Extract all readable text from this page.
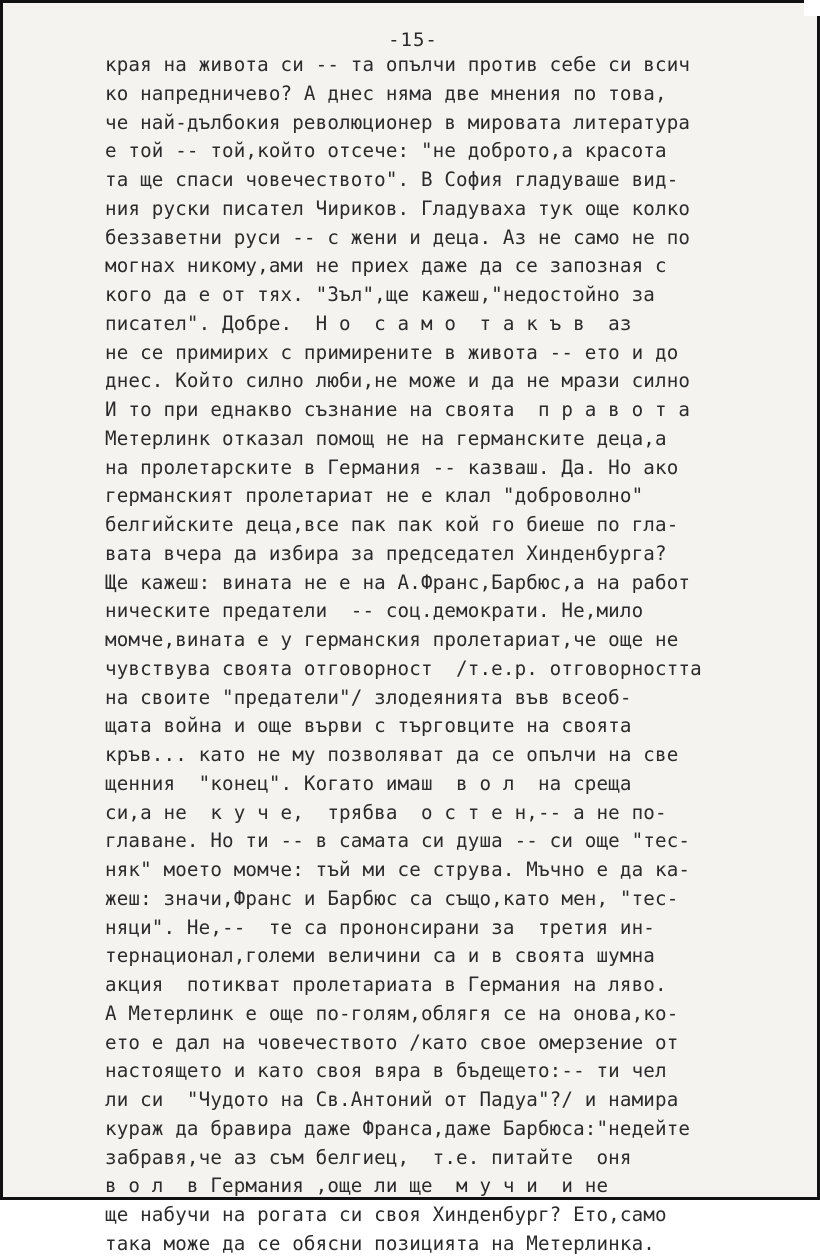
-15-
края на живота си -- та опълчи против себе си всич
ко напредничево? А днес няма две мнения по това,
че най-дълбокия революционер в мировата литература
е той -- той,който отсече: "не доброто,а красота
та ще спаси човечеството". В София гладуваше вид-
ния руски писател Чириков. Гладуваха тук още колко
беззаветни руси -- с жени и деца. Аз не само не по
могнах никому,ами не приех даже да се запозная с
кого да е от тях. "Зъл",ще кажеш,"недостойно за
писател". Добре.  Н о  с а м о  т а к ъ в  аз
не се примирих с примирените в живота -- ето и до
днес. Който силно люби,не може и да не мрази силно
И то при еднакво съзнание на своята  п р а в о т а
Метерлинк отказал помощ не на германските деца,а
на пролетарските в Германия -- казваш. Да. Но ако
германският пролетариат не е клал "доброволно"
белгийските деца,все пак пак кой го биеше по гла-
вата вчера да избира за председател Хинденбурга?
Ще кажеш: вината не е на А.Франс,Барбюс,а на работ
ническите предатели  -- соц.демократи. Не,мило
момче,вината е у германския пролетариат,че още не
чувствува своята отговорност  /т.е.р. отговорността
на своите "предатели"/ злодеянията във всеоб-
щата война и още върви с търговците на своята
кръв... като не му позволяват да се опълчи на све
щенния  "конец". Когато имаш  в о л  на среща
си,а не  к у ч е,  трябва  о с т е н,-- а не по-
главане. Но ти -- в самата си душа -- си още "тес-
няк" моето момче: тъй ми се струва. Мъчно е да ка-
жеш: значи,Франс и Барбюс са също,като мен, "тес-
няци". Не,--  те са прононсирани за  третия ин-
тернационал,големи величини са и в своята шумна
акция  потикват пролетариата в Германия на ляво.
А Метерлинк е още по-голям,облягя се на онова,ко-
ето е дал на човечеството /като свое омерзение от
настоящето и като своя вяра в бъдещето:-- ти чел
ли си  "Чудото на Св.Антоний от Падуа"?/ и намира
кураж да бравира даже Франса,даже Барбюса:"недейте
забравя,че аз съм белгиец,  т.е. питайте  оня
в о л  в Германия ,още ли ще  м у ч и  и не
ще набучи на рогата си своя Хинденбург? Ето,само
така може да се обясни позицията на Метерлинка.
